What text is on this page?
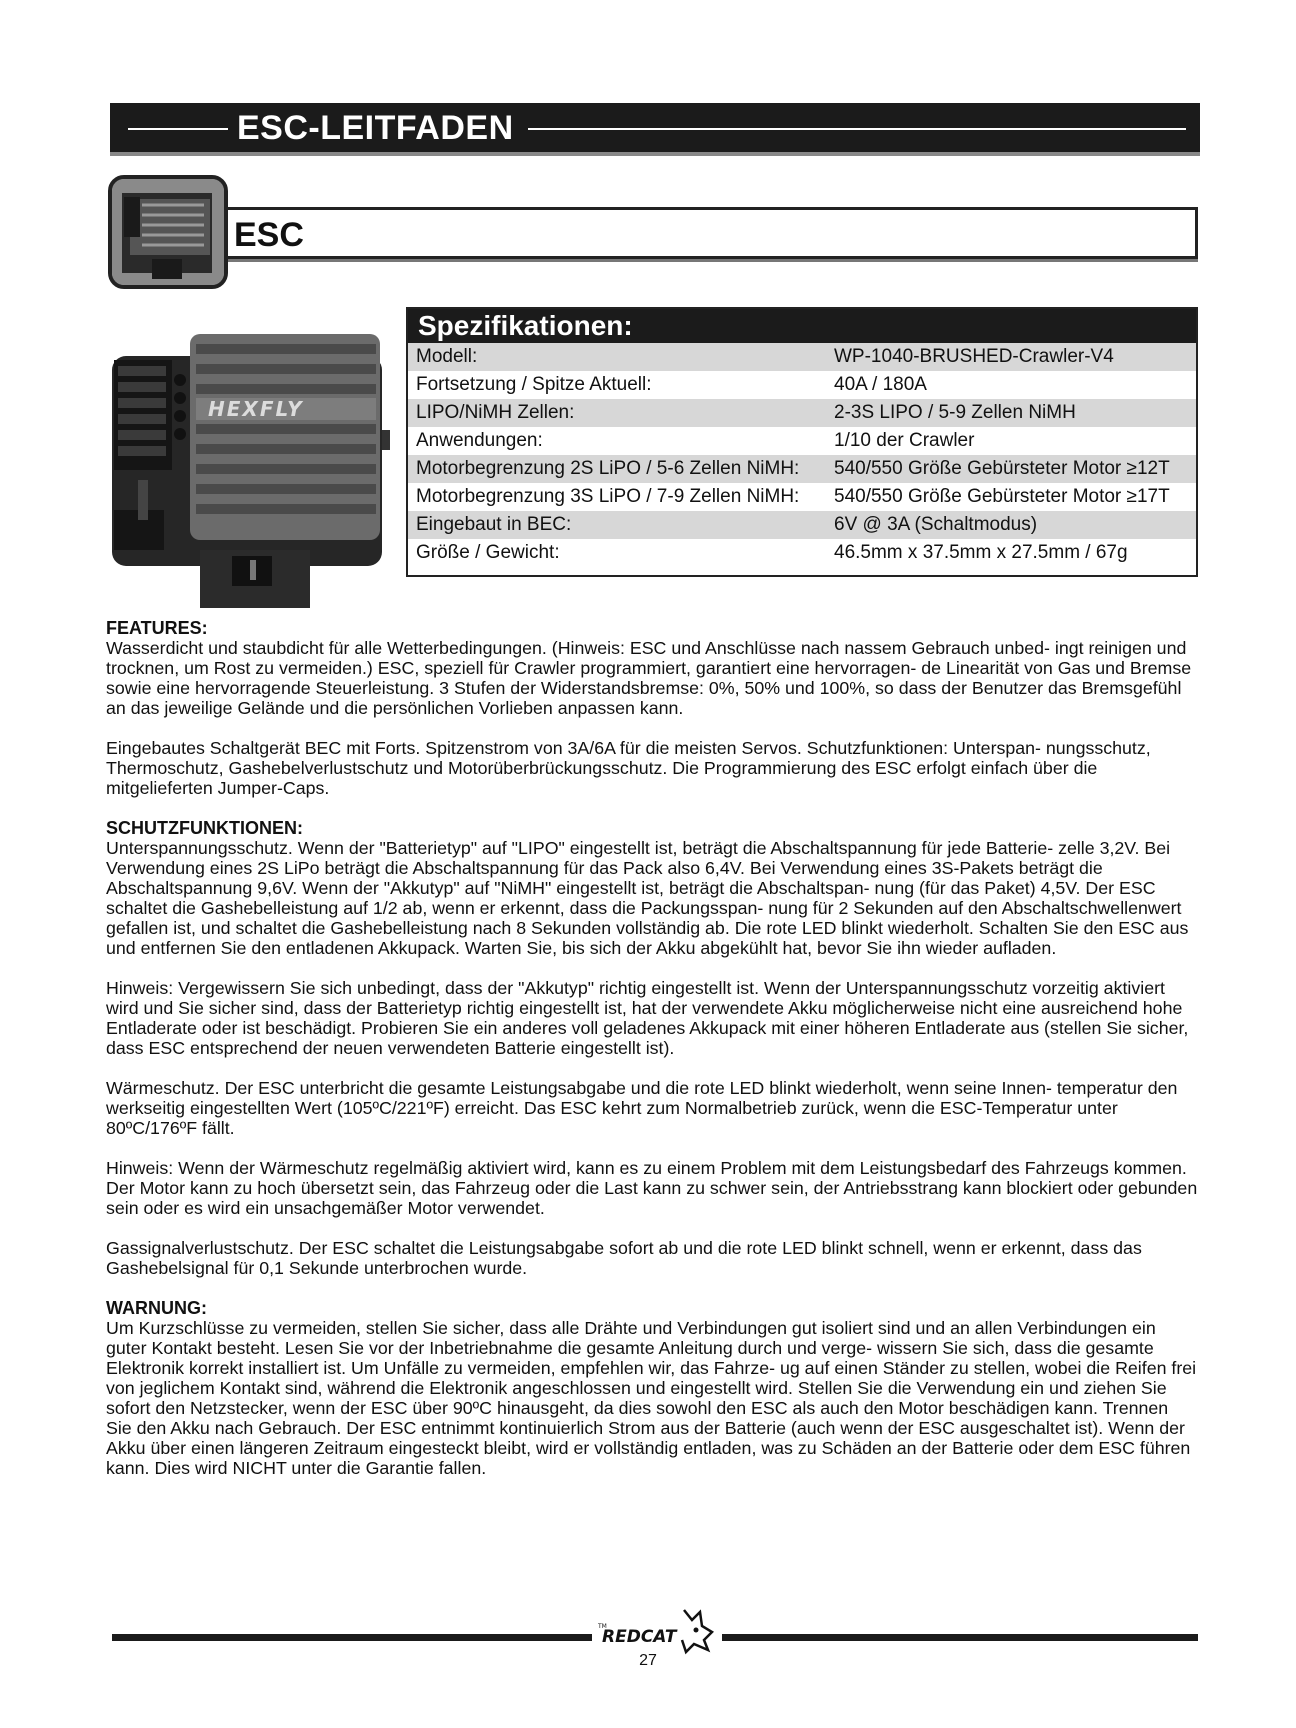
ESC-LEITFADEN
ESC
HEXFLY
Spezifikationen:
Modell:	WP-1040-BRUSHED-Crawler-V4
Fortsetzung / Spitze Aktuell:	40A / 180A
LIPO/NiMH Zellen:	2-3S LIPO / 5-9 Zellen NiMH
Anwendungen:	1/10 der Crawler
Motorbegrenzung 2S LiPO / 5-6 Zellen NiMH:	540/550 Größe Gebürsteter Motor ≥12T
Motorbegrenzung 3S LiPO / 7-9 Zellen NiMH:	540/550 Größe Gebürsteter Motor ≥17T
Eingebaut in BEC:	6V @ 3A (Schaltmodus)
Größe / Gewicht:	46.5mm x 37.5mm x 27.5mm / 67g
FEATURES:

Wasserdicht und staubdicht für alle Wetterbedingungen. (Hinweis: ESC und Anschlüsse nach nassem Gebrauch unbed- ingt reinigen und trocknen, um Rost zu vermeiden.) ESC, speziell für Crawler programmiert, garantiert eine hervorragen- de Linearität von Gas und Bremse sowie eine hervorragende Steuerleistung. 3 Stufen der Widerstandsbremse: 0%, 50% und 100%, so dass der Benutzer das Bremsgefühl an das jeweilige Gelände und die persönlichen Vorlieben anpassen kann.

Eingebautes Schaltgerät BEC mit Forts. Spitzenstrom von 3A/6A für die meisten Servos. Schutzfunktionen: Unterspan- nungsschutz, Thermoschutz, Gashebelverlustschutz und Motorüberbrückungsschutz. Die Programmierung des ESC erfolgt einfach über die mitgelieferten Jumper-Caps.

SCHUTZFUNKTIONEN:

Unterspannungsschutz. Wenn der "Batterietyp" auf "LIPO" eingestellt ist, beträgt die Abschaltspannung für jede Batterie- zelle 3,2V. Bei Verwendung eines 2S LiPo beträgt die Abschaltspannung für das Pack also 6,4V. Bei Verwendung eines 3S-Pakets beträgt die Abschaltspannung 9,6V. Wenn der "Akkutyp" auf "NiMH" eingestellt ist, beträgt die Abschaltspan- nung (für das Paket) 4,5V. Der ESC schaltet die Gashebelleistung auf 1/2 ab, wenn er erkennt, dass die Packungsspan- nung für 2 Sekunden auf den Abschaltschwellenwert gefallen ist, und schaltet die Gashebelleistung nach 8 Sekunden vollständig ab. Die rote LED blinkt wiederholt. Schalten Sie den ESC aus und entfernen Sie den entladenen Akkupack. Warten Sie, bis sich der Akku abgekühlt hat, bevor Sie ihn wieder aufladen.

Hinweis: Vergewissern Sie sich unbedingt, dass der "Akkutyp" richtig eingestellt ist. Wenn der Unterspannungsschutz vorzeitig aktiviert wird und Sie sicher sind, dass der Batterietyp richtig eingestellt ist, hat der verwendete Akku möglicherweise nicht eine ausreichend hohe Entladerate oder ist beschädigt. Probieren Sie ein anderes voll geladenes Akkupack mit einer höheren Entladerate aus (stellen Sie sicher, dass ESC entsprechend der neuen verwendeten Batterie eingestellt ist).

Wärmeschutz. Der ESC unterbricht die gesamte Leistungsabgabe und die rote LED blinkt wiederholt, wenn seine Innen- temperatur den werkseitig eingestellten Wert (105ºC/221ºF) erreicht. Das ESC kehrt zum Normalbetrieb zurück, wenn die ESC-Temperatur unter 80ºC/176ºF fällt.

Hinweis: Wenn der Wärmeschutz regelmäßig aktiviert wird, kann es zu einem Problem mit dem Leistungsbedarf des Fahrzeugs kommen. Der Motor kann zu hoch übersetzt sein, das Fahrzeug oder die Last kann zu schwer sein, der Antriebsstrang kann blockiert oder gebunden sein oder es wird ein unsachgemäßer Motor verwendet.

Gassignalverlustschutz. Der ESC schaltet die Leistungsabgabe sofort ab und die rote LED blinkt schnell, wenn er erkennt, dass das Gashebelsignal für 0,1 Sekunde unterbrochen wurde.

WARNUNG:

Um Kurzschlüsse zu vermeiden, stellen Sie sicher, dass alle Drähte und Verbindungen gut isoliert sind und an allen Verbindungen ein guter Kontakt besteht. Lesen Sie vor der Inbetriebnahme die gesamte Anleitung durch und verge- wissern Sie sich, dass die gesamte Elektronik korrekt installiert ist. Um Unfälle zu vermeiden, empfehlen wir, das Fahrze- ug auf einen Ständer zu stellen, wobei die Reifen frei von jeglichem Kontakt sind, während die Elektronik angeschlossen und eingestellt wird. Stellen Sie die Verwendung ein und ziehen Sie sofort den Netzstecker, wenn der ESC über 90ºC hinausgeht, da dies sowohl den ESC als auch den Motor beschädigen kann. Trennen Sie den Akku nach Gebrauch. Der ESC entnimmt kontinuierlich Strom aus der Batterie (auch wenn der ESC ausgeschaltet ist). Wenn der Akku über einen längeren Zeitraum eingesteckt bleibt, wird er vollständig entladen, was zu Schäden an der Batterie oder dem ESC führen kann. Dies wird NICHT unter die Garantie fallen.

REDCAT
TM
27
